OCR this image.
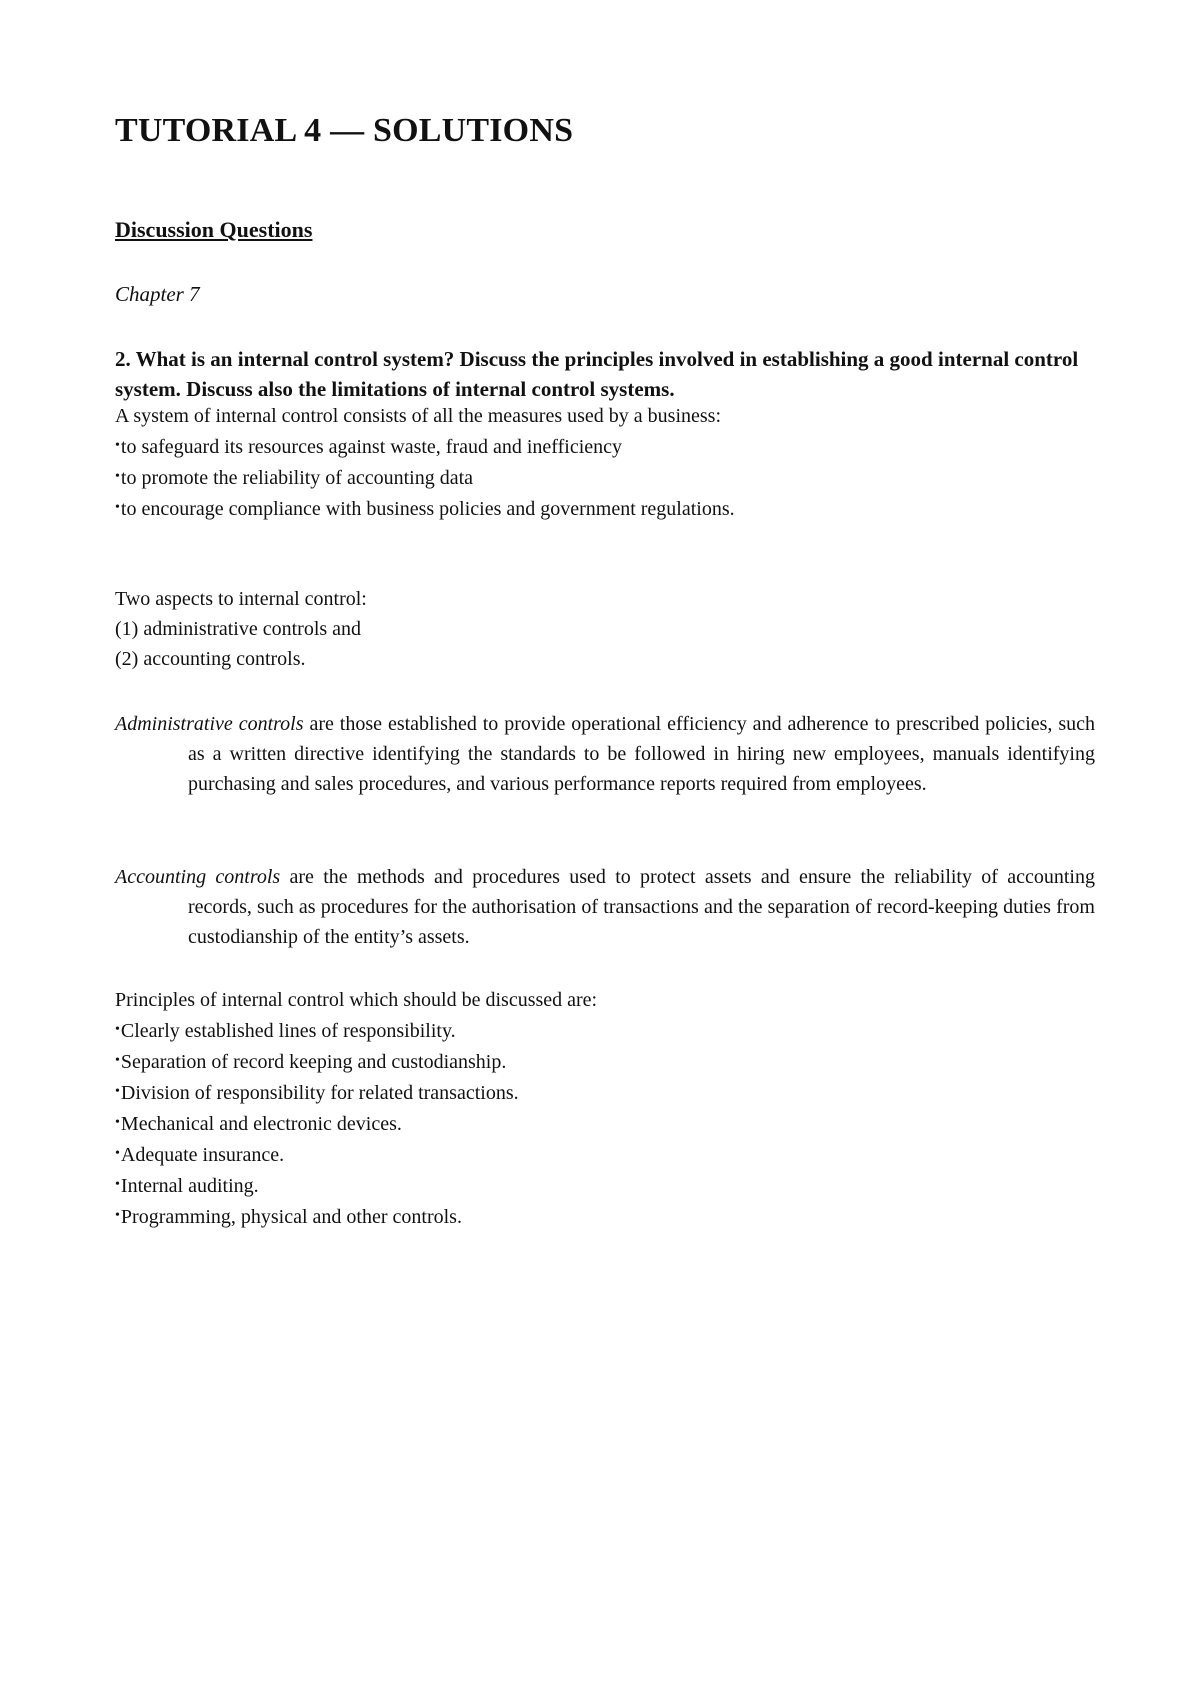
TUTORIAL 4 — SOLUTIONS
Discussion Questions

Chapter 7

2. What is an internal control system? Discuss the principles involved in establishing a good internal control system. Discuss also the limitations of internal control systems.

A system of internal control consists of all the measures used by a business:
•to safeguard its resources against waste, fraud and inefficiency
•to promote the reliability of accounting data
•to encourage compliance with business policies and government regulations.
Two aspects to internal control:
(1) administrative controls and
(2) accounting controls.

Administrative controls are those established to provide operational efficiency and adherence to prescribed policies, such as a written directive identifying the standards to be followed in hiring new employees, manuals identifying purchasing and sales procedures, and various performance reports required from employees.

Accounting controls are the methods and procedures used to protect assets and ensure the reliability of accounting records, such as procedures for the authorisation of transactions and the separation of record-keeping duties from custodianship of the entity’s assets.

Principles of internal control which should be discussed are:
•Clearly established lines of responsibility.
•Separation of record keeping and custodianship.
•Division of responsibility for related transactions.
•Mechanical and electronic devices.
•Adequate insurance.
•Internal auditing.
•Programming, physical and other controls.
